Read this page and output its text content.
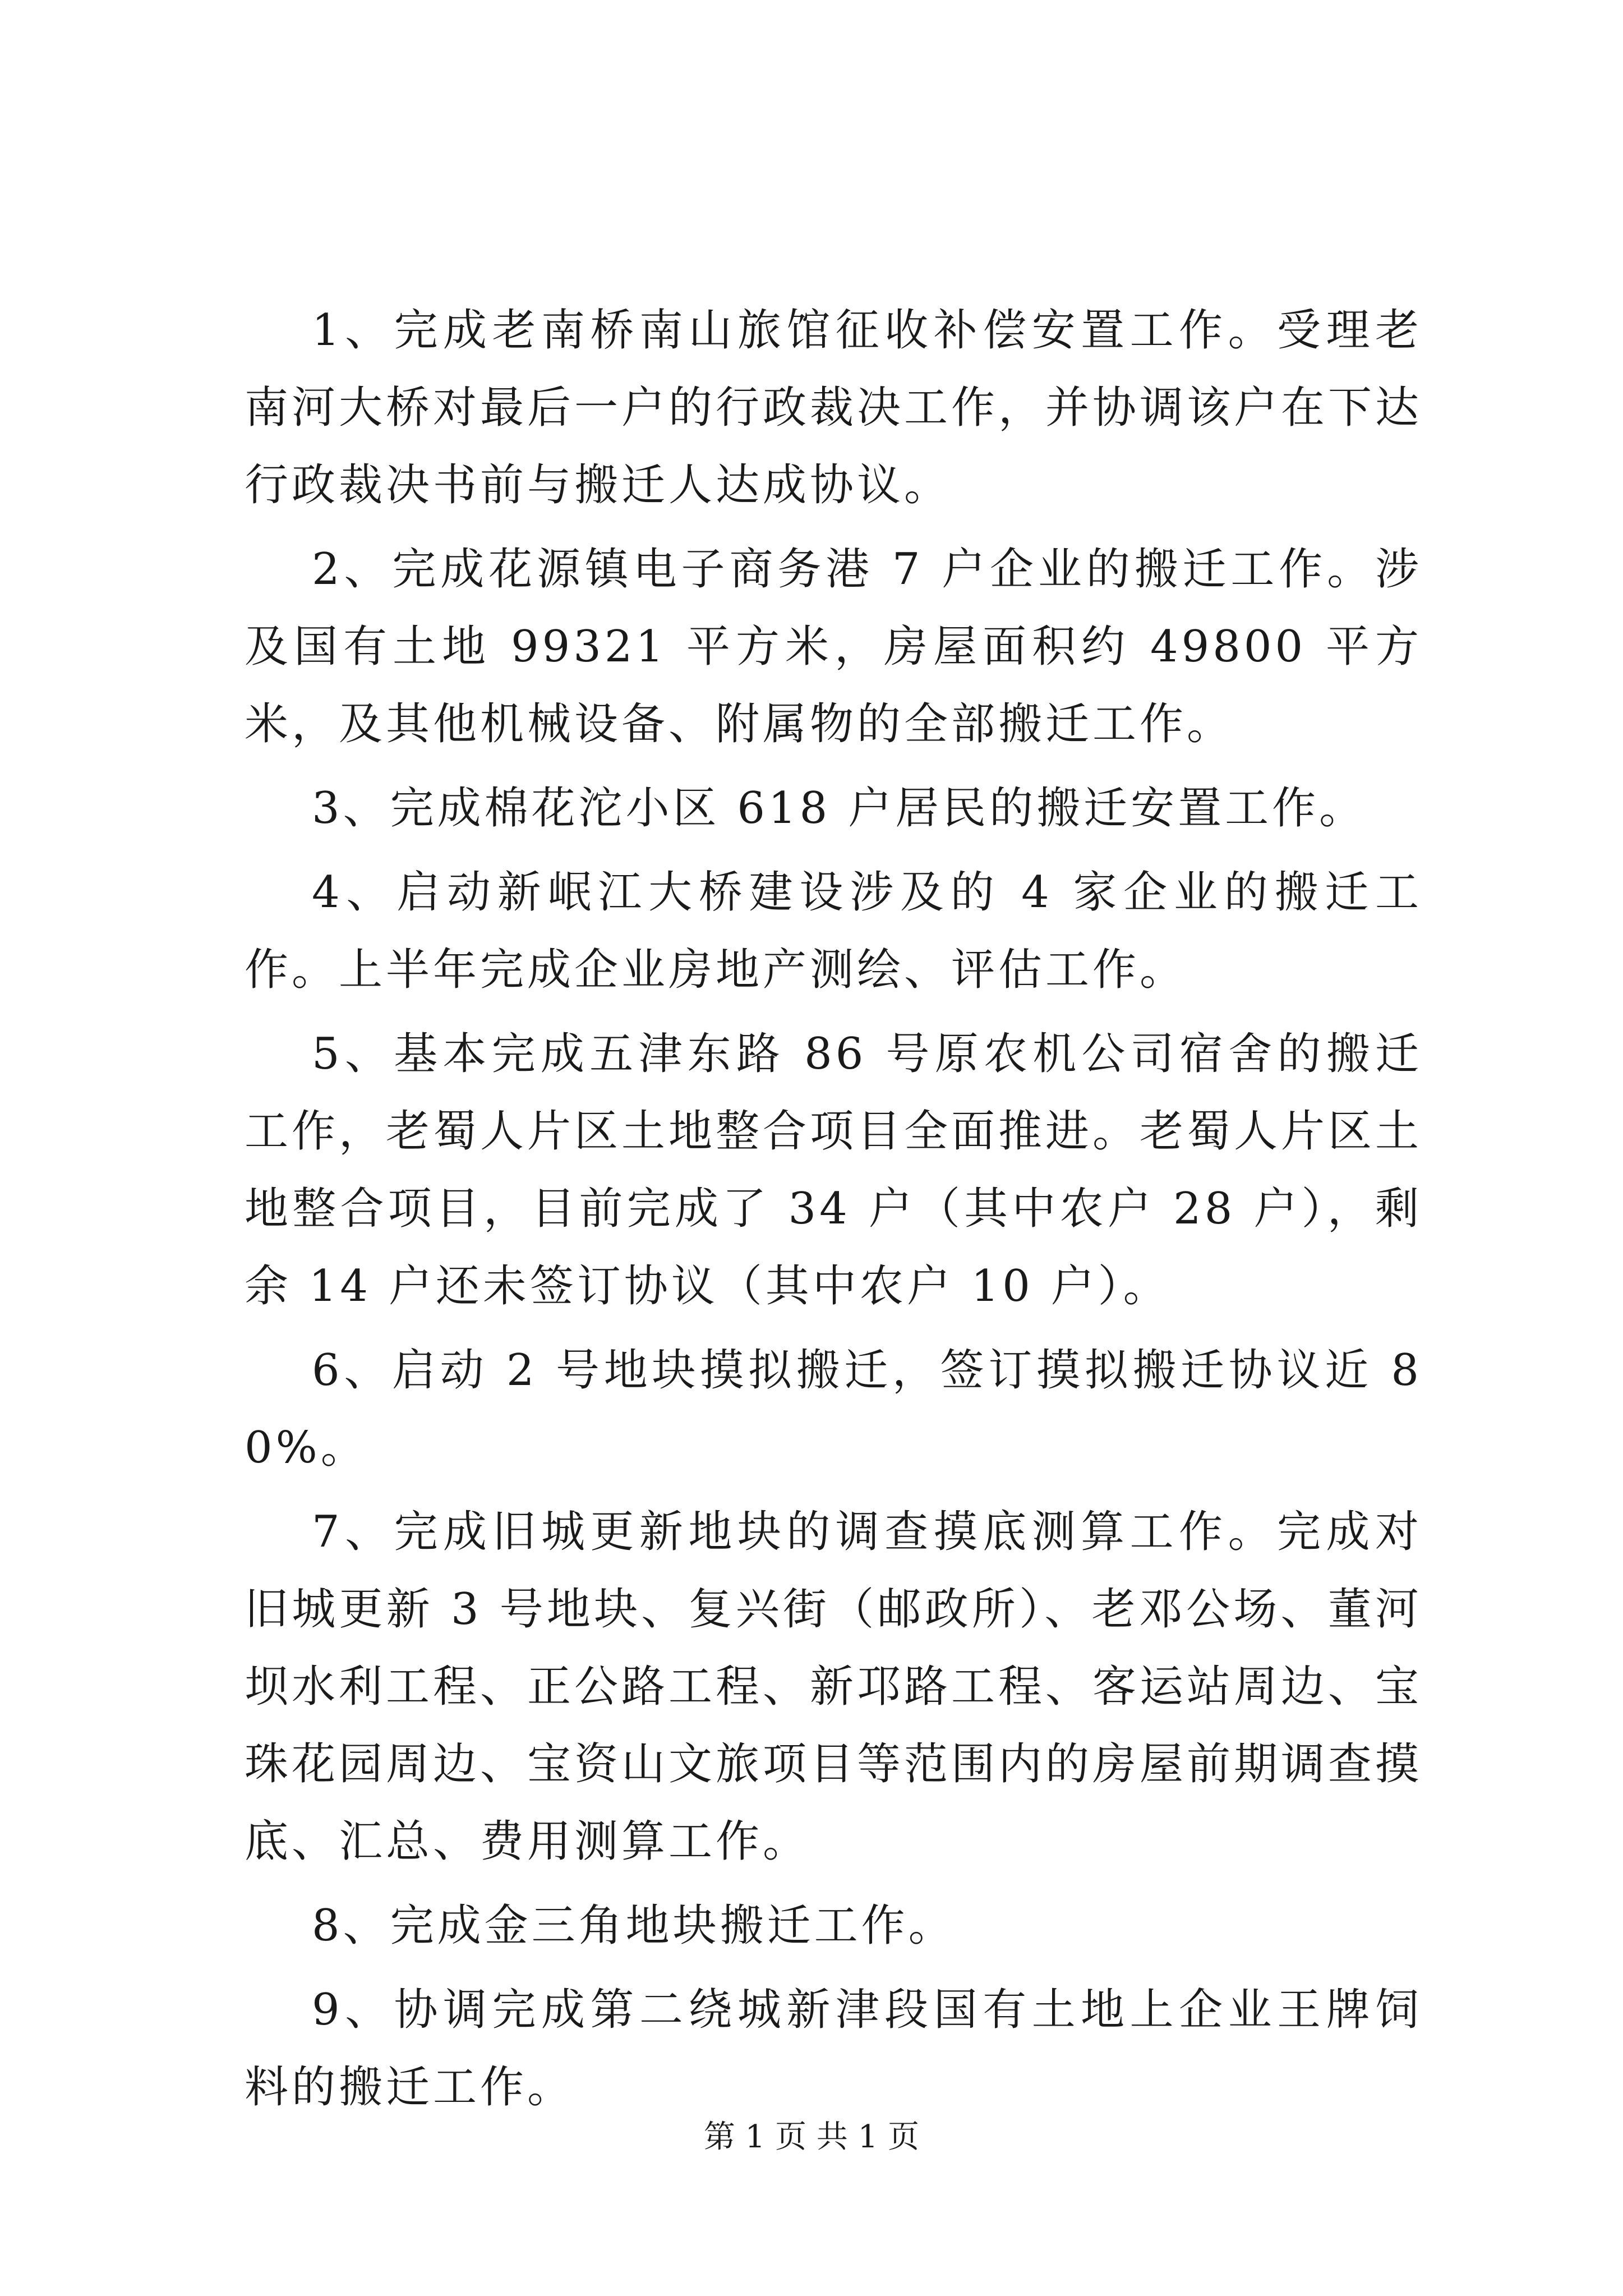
1、完成老南桥南山旅馆征收补偿安置工作。受理老南河大桥对最后一户的行政裁决工作，并协调该户在下达行政裁决书前与搬迁人达成协议。

2、完成花源镇电子商务港 7 户企业的搬迁工作。涉及国有土地 99321 平方米，房屋面积约 49800 平方米，及其他机械设备、附属物的全部搬迁工作。

3、完成棉花沱小区 618 户居民的搬迁安置工作。

4、启动新岷江大桥建设涉及的 4 家企业的搬迁工作。上半年完成企业房地产测绘、评估工作。

5、基本完成五津东路 86 号原农机公司宿舍的搬迁工作，老蜀人片区土地整合项目全面推进。老蜀人片区土地整合项目，目前完成了 34 户（其中农户 28 户），剩余 14 户还未签订协议（其中农户 10 户）。

6、启动 2 号地块摸拟搬迁，签订摸拟搬迁协议近 80%。

7、完成旧城更新地块的调查摸底测算工作。完成对旧城更新 3 号地块、复兴街（邮政所）、老邓公场、董河坝水利工程、正公路工程、新邛路工程、客运站周边、宝珠花园周边、宝资山文旅项目等范围内的房屋前期调查摸底、汇总、费用测算工作。

8、完成金三角地块搬迁工作。

9、协调完成第二绕城新津段国有土地上企业王牌饲料的搬迁工作。

第 1 页 共 1 页
